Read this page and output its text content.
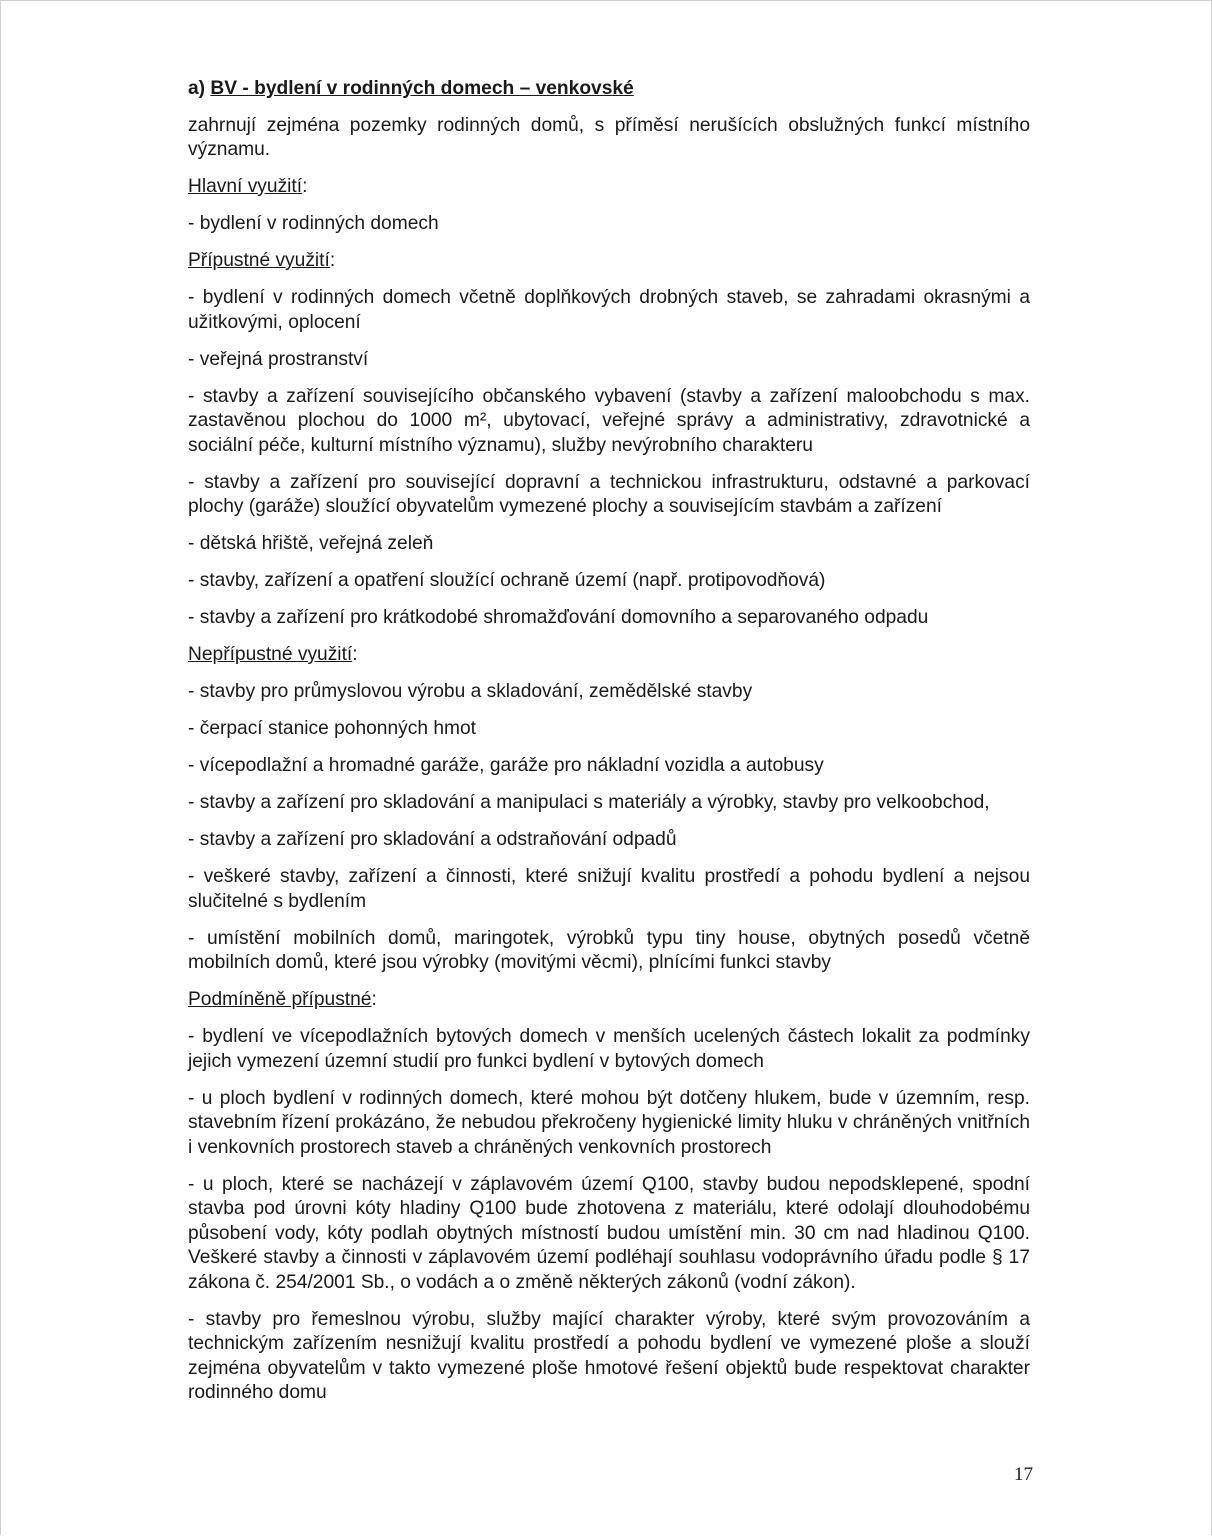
a) BV - bydlení v rodinných domech – venkovské

zahrnují zejména pozemky rodinných domů, s příměsí nerušících obslužných funkcí místního významu.

Hlavní využití:

- bydlení v rodinných domech

Přípustné využití:

- bydlení v rodinných domech včetně doplňkových drobných staveb, se zahradami okrasnými a užitkovými, oplocení

- veřejná prostranství

- stavby a zařízení souvisejícího občanského vybavení (stavby a zařízení maloobchodu s max. zastavěnou plochou do 1000 m², ubytovací, veřejné správy a administrativy, zdravotnické a sociální péče, kulturní místního významu), služby nevýrobního charakteru

- stavby a zařízení pro související dopravní a technickou infrastrukturu, odstavné a parkovací plochy (garáže) sloužící obyvatelům vymezené plochy a souvisejícím stavbám a zařízení

- dětská hřiště, veřejná zeleň

- stavby, zařízení a opatření sloužící ochraně území (např. protipovodňová)

- stavby a zařízení pro krátkodobé shromažďování domovního a separovaného odpadu

Nepřípustné využití:

- stavby pro průmyslovou výrobu a skladování, zemědělské stavby

- čerpací stanice pohonných hmot

- vícepodlažní a hromadné garáže, garáže pro nákladní vozidla a autobusy

- stavby a zařízení pro skladování a manipulaci s materiály a výrobky, stavby pro velkoobchod,

- stavby a zařízení pro skladování a odstraňování odpadů

- veškeré stavby, zařízení a činnosti, které snižují kvalitu prostředí a pohodu bydlení a nejsou slučitelné s bydlením

- umístění mobilních domů, maringotek, výrobků typu tiny house, obytných posedů včetně mobilních domů, které jsou výrobky (movitými věcmi), plnícími funkci stavby

Podmíněně přípustné:

- bydlení ve vícepodlažních bytových domech v menších ucelených částech lokalit za podmínky jejich vymezení územní studií pro funkci bydlení v bytových domech

- u ploch bydlení v rodinných domech, které mohou být dotčeny hlukem, bude v územním, resp. stavebním řízení prokázáno, že nebudou překročeny hygienické limity hluku v chráněných vnitřních i venkovních prostorech staveb a chráněných venkovních prostorech

- u ploch, které se nacházejí v záplavovém území Q100, stavby budou nepodsklepené, spodní stavba pod úrovni kóty hladiny Q100 bude zhotovena z materiálu, které odolají dlouhodobému působení vody, kóty podlah obytných místností budou umístění min. 30 cm nad hladinou Q100. Veškeré stavby a činnosti v záplavovém území podléhají souhlasu vodoprávního úřadu podle § 17 zákona č. 254/2001 Sb., o vodách a o změně některých zákonů (vodní zákon).

- stavby pro řemeslnou výrobu, služby mající charakter výroby, které svým provozováním a technickým zařízením nesnižují kvalitu prostředí a pohodu bydlení ve vymezené ploše a slouží zejména obyvatelům v takto vymezené ploše hmotové řešení objektů bude respektovat charakter rodinného domu

17
